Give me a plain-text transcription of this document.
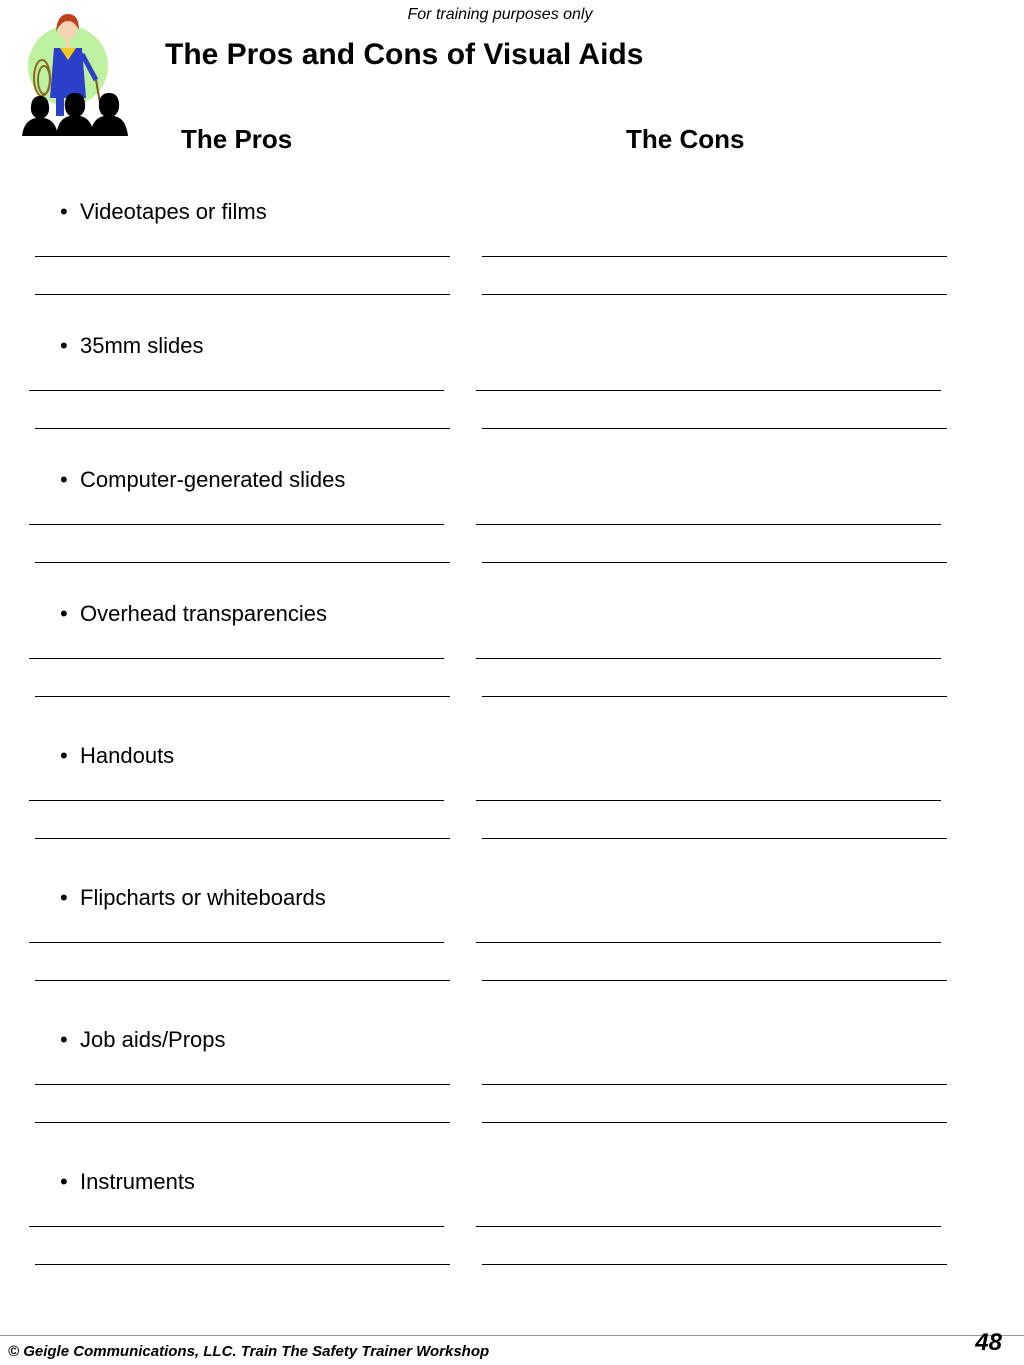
For training purposes only
The Pros and Cons of Visual Aids
The Pros	The Cons
• Videotapes or films
• 35mm slides
• Computer-generated slides
• Overhead transparencies
• Handouts
• Flipcharts or whiteboards
• Job aids/Props
• Instruments
© Geigle Communications, LLC. Train The Safety Trainer Workshop	48
